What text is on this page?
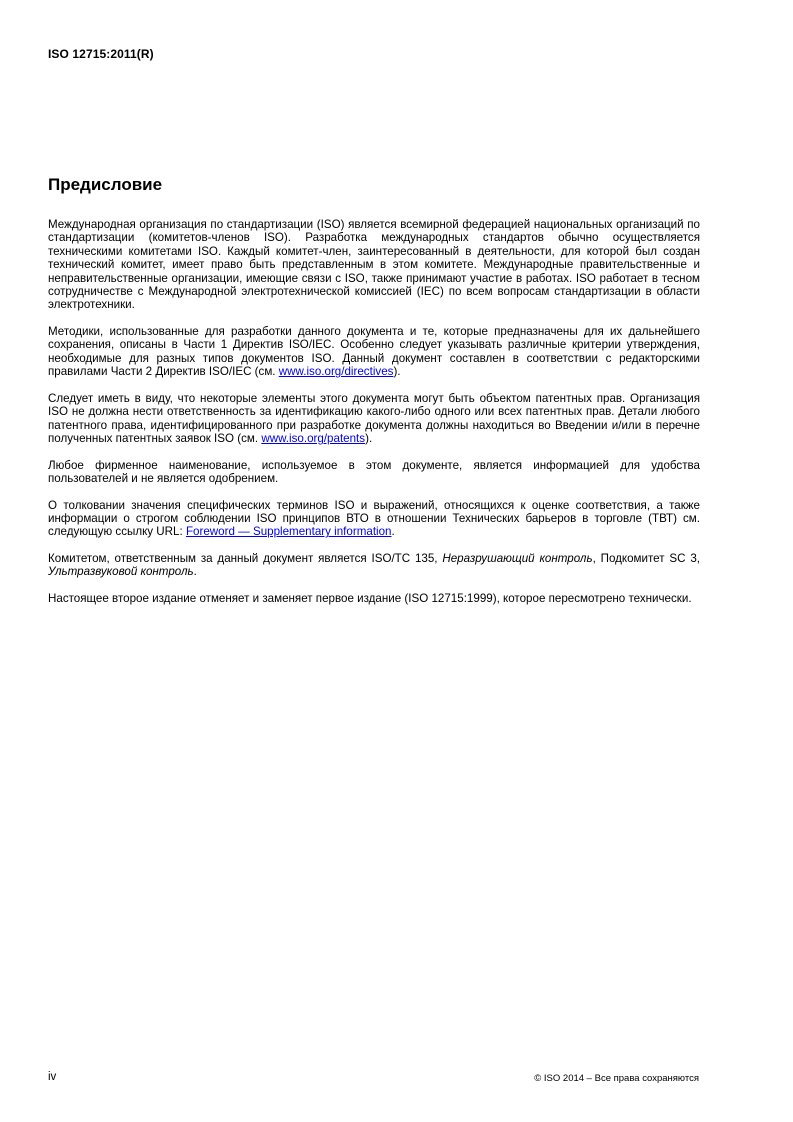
ISO 12715:2011(R)
Предисловие

Международная организация по стандартизации (ISO) является всемирной федерацией национальных организаций по стандартизации (комитетов-членов ISO). Разработка международных стандартов обычно осуществляется техническими комитетами ISO. Каждый комитет-член, заинтересованный в деятельности, для которой был создан технический комитет, имеет право быть представленным в этом комитете. Международные правительственные и неправительственные организации, имеющие связи с ISO, также принимают участие в работах. ISO работает в тесном сотрудничестве с Международной электротехнической комиссией (IEC) по всем вопросам стандартизации в области электротехники.

Методики, использованные для разработки данного документа и те, которые предназначены для их дальнейшего сохранения, описаны в Части 1 Директив ISO/IEC. Особенно следует указывать различные критерии утверждения, необходимые для разных типов документов ISO. Данный документ составлен в соответствии с редакторскими правилами Части 2 Директив ISO/IEC (см. www.iso.org/directives).

Следует иметь в виду, что некоторые элементы этого документа могут быть объектом патентных прав. Организация ISO не должна нести ответственность за идентификацию какого-либо одного или всех патентных прав. Детали любого патентного права, идентифицированного при разработке документа должны находиться во Введении и/или в перечне полученных патентных заявок ISO (см. www.iso.org/patents).

Любое фирменное наименование, используемое в этом документе, является информацией для удобства пользователей и не является одобрением.

О толковании значения специфических терминов ISO и выражений, относящихся к оценке соответствия, а также информации о строгом соблюдении ISO принципов ВТО в отношении Технических барьеров в торговле (ТВТ) см. следующую ссылку URL: Foreword — Supplementary information.

Комитетом, ответственным за данный документ является ISO/TC 135, Неразрушающий контроль, Подкомитет SC 3, Ультразвуковой контроль.

Настоящее второе издание отменяет и заменяет первое издание (ISO 12715:1999), которое пересмотрено технически.

iv	© ISO 2014 – Все права сохраняются
